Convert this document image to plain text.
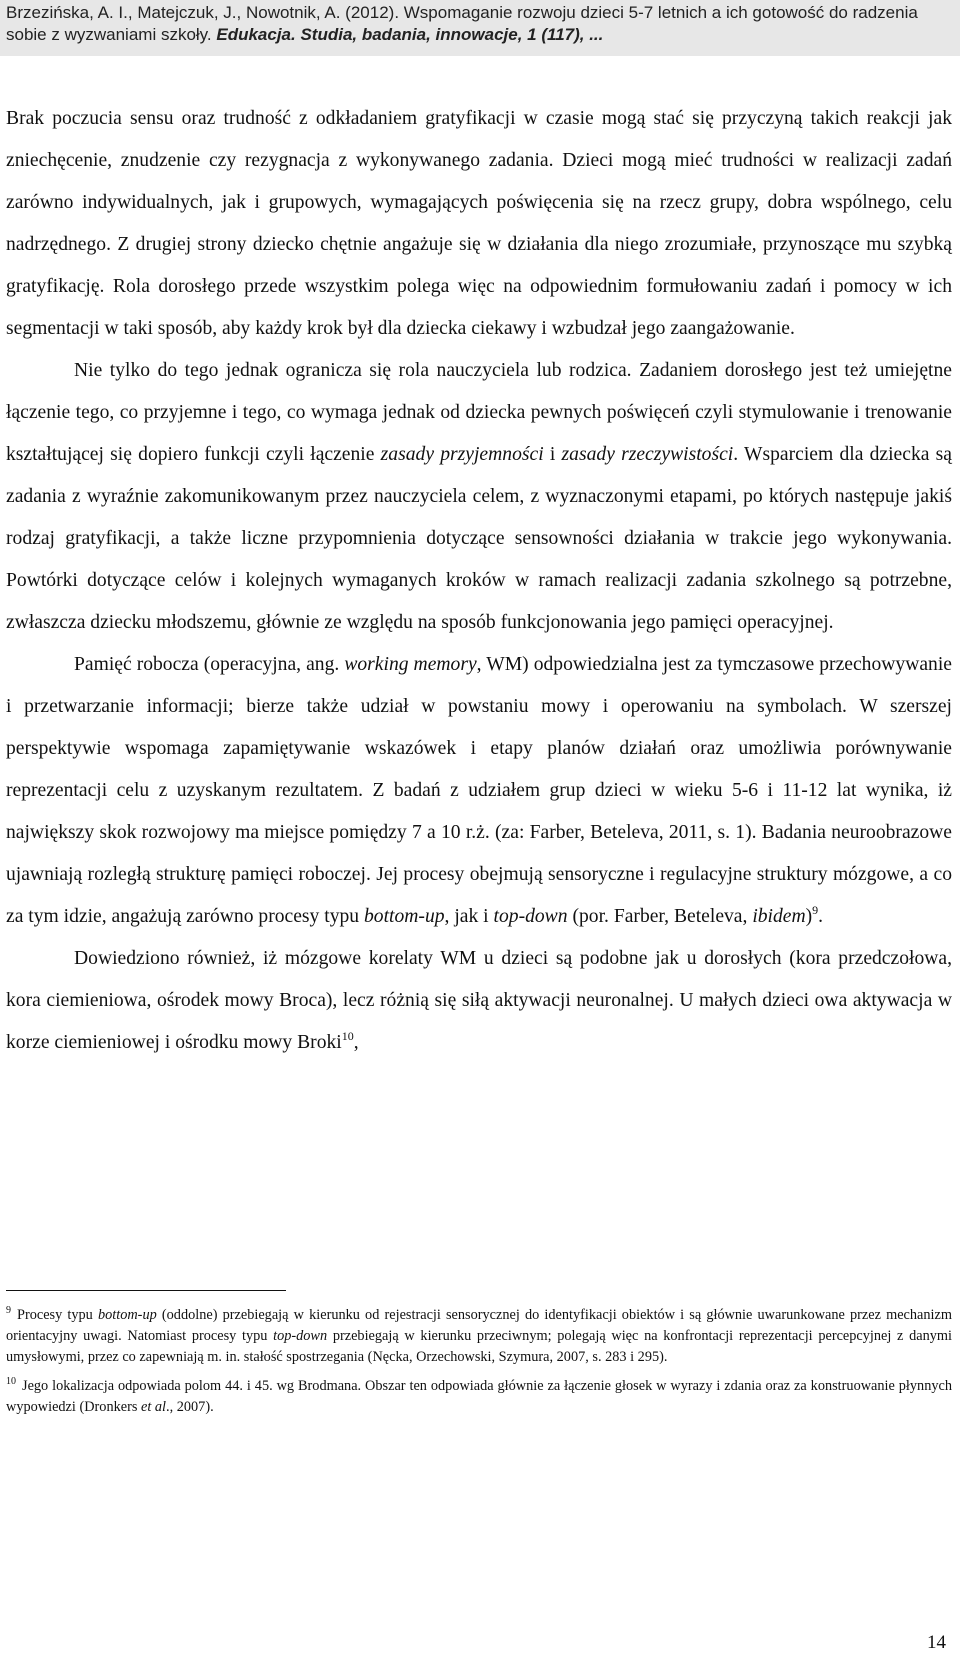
Brzezińska, A. I., Matejczuk, J., Nowotnik, A. (2012). Wspomaganie rozwoju dzieci 5-7 letnich a ich gotowość do radzenia
sobie z wyzwaniami szkoły. Edukacja. Studia, badania, innowacje, 1 (117), ...

Brak poczucia sensu oraz trudność z odkładaniem gratyfikacji w czasie mogą stać się przyczyną takich reakcji jak zniechęcenie, znudzenie czy rezygnacja z wykonywanego zadania. Dzieci mogą mieć trudności w realizacji zadań zarówno indywidualnych, jak i grupowych, wymagających poświęcenia się na rzecz grupy, dobra wspólnego, celu nadrzędnego. Z drugiej strony dziecko chętnie angażuje się w działania dla niego zrozumiałe, przynoszące mu szybką gratyfikację. Rola dorosłego przede wszystkim polega więc na odpowiednim formułowaniu zadań i pomocy w ich segmentacji w taki sposób, aby każdy krok był dla dziecka ciekawy i wzbudzał jego zaangażowanie.

Nie tylko do tego jednak ogranicza się rola nauczyciela lub rodzica. Zadaniem dorosłego jest też umiejętne łączenie tego, co przyjemne i tego, co wymaga jednak od dziecka pewnych poświęceń czyli stymulowanie i trenowanie kształtującej się dopiero funkcji czyli łączenie zasady przyjemności i zasady rzeczywistości. Wsparciem dla dziecka są zadania z wyraźnie zakomunikowanym przez nauczyciela celem, z wyznaczonymi etapami, po których następuje jakiś rodzaj gratyfikacji, a także liczne przypomnienia dotyczące sensowności działania w trakcie jego wykonywania. Powtórki dotyczące celów i kolejnych wymaganych kroków w ramach realizacji zadania szkolnego są potrzebne, zwłaszcza dziecku młodszemu, głównie ze względu na sposób funkcjonowania jego pamięci operacyjnej.

Pamięć robocza (operacyjna, ang. working memory, WM) odpowiedzialna jest za tymczasowe przechowywanie i przetwarzanie informacji; bierze także udział w powstaniu mowy i operowaniu na symbolach. W szerszej perspektywie wspomaga zapamiętywanie wskazówek i etapy planów działań oraz umożliwia porównywanie reprezentacji celu z uzyskanym rezultatem. Z badań z udziałem grup dzieci w wieku 5-6 i 11-12 lat wynika, iż największy skok rozwojowy ma miejsce pomiędzy 7 a 10 r.ż. (za: Farber, Beteleva, 2011, s. 1). Badania neuroobrazowe ujawniają rozległą strukturę pamięci roboczej. Jej procesy obejmują sensoryczne i regulacyjne struktury mózgowe, a co za tym idzie, angażują zarówno procesy typu bottom-up, jak i top-down (por. Farber, Beteleva, ibidem)$^9$.

Dowiedziono również, iż mózgowe korelaty WM u dzieci są podobne jak u dorosłych (kora przedczołowa, kora ciemieniowa, ośrodek mowy Broca), lecz różnią się siłą aktywacji neuronalnej. U małych dzieci owa aktywacja w korze ciemieniowej i ośrodku mowy Broki$^{10}$,

$^9$ Procesy typu bottom-up (oddolne) przebiegają w kierunku od rejestracji sensorycznej do identyfikacji obiektów i są głównie uwarunkowane przez mechanizm orientacyjny uwagi. Natomiast procesy typu top-down przebiegają w kierunku przeciwnym; polegają więc na konfrontacji reprezentacji percepcyjnej z danymi umysłowymi, przez co zapewniają m. in. stałość spostrzegania (Nęcka, Orzechowski, Szymura, 2007, s. 283 i 295).

$^{10}$ Jego lokalizacja odpowiada polom 44. i 45. wg Brodmana. Obszar ten odpowiada głównie za łączenie głosek w wyrazy i zdania oraz za konstruowanie płynnych wypowiedzi (Dronkers et al., 2007).

14
